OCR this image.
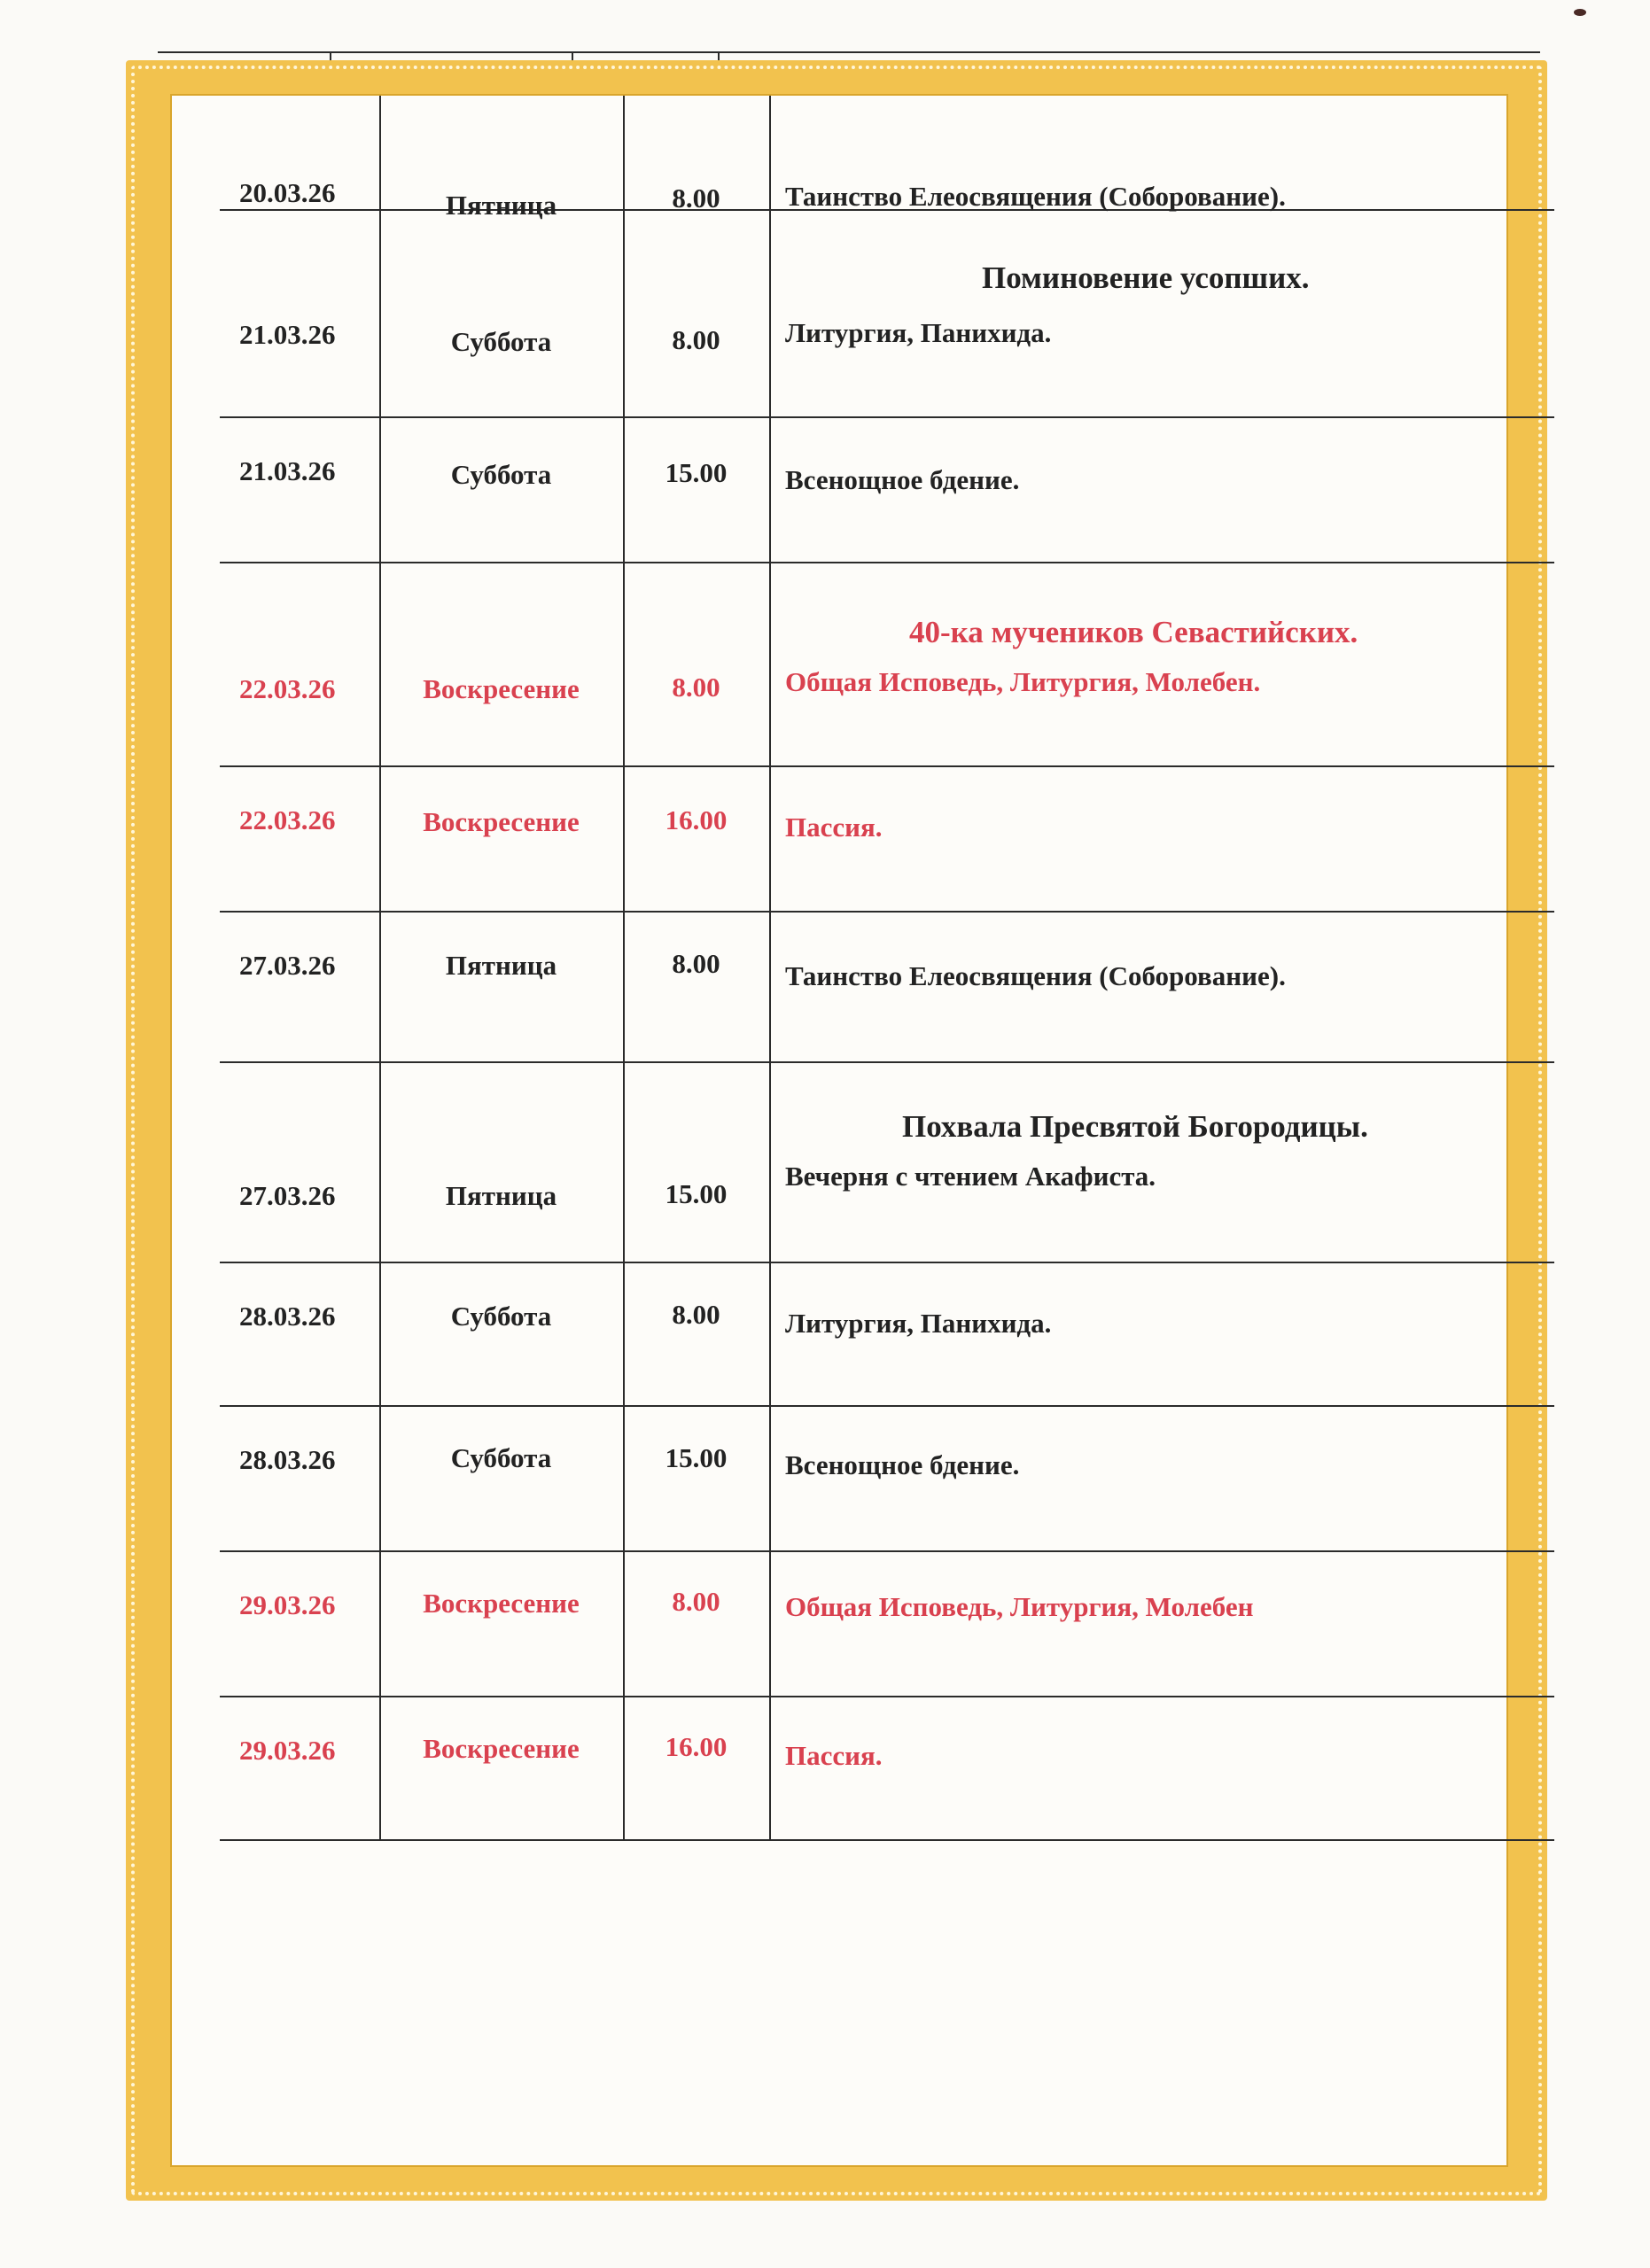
20.03.26	Пятница	8.00	Таинство Елеосвящения (Соборование).
21.03.26	Суббота	8.00
Поминовение усопших.
Литургия, Панихида.
21.03.26	Суббота	15.00	Всенощное бдение.
22.03.26	Воскресение	8.00
40-ка мучеников Севастийских.
Общая Исповедь, Литургия, Молебен.
22.03.26	Воскресение	16.00	Пассия.
27.03.26	Пятница	8.00	Таинство Елеосвящения (Соборование).
27.03.26	Пятница	15.00
Похвала Пресвятой Богородицы.
Вечерня с чтением Акафиста.
28.03.26	Суббота	8.00	Литургия, Панихида.
28.03.26	Суббота	15.00	Всенощное бдение.
29.03.26	Воскресение	8.00	Общая Исповедь, Литургия, Молебен
29.03.26	Воскресение	16.00	Пассия.
